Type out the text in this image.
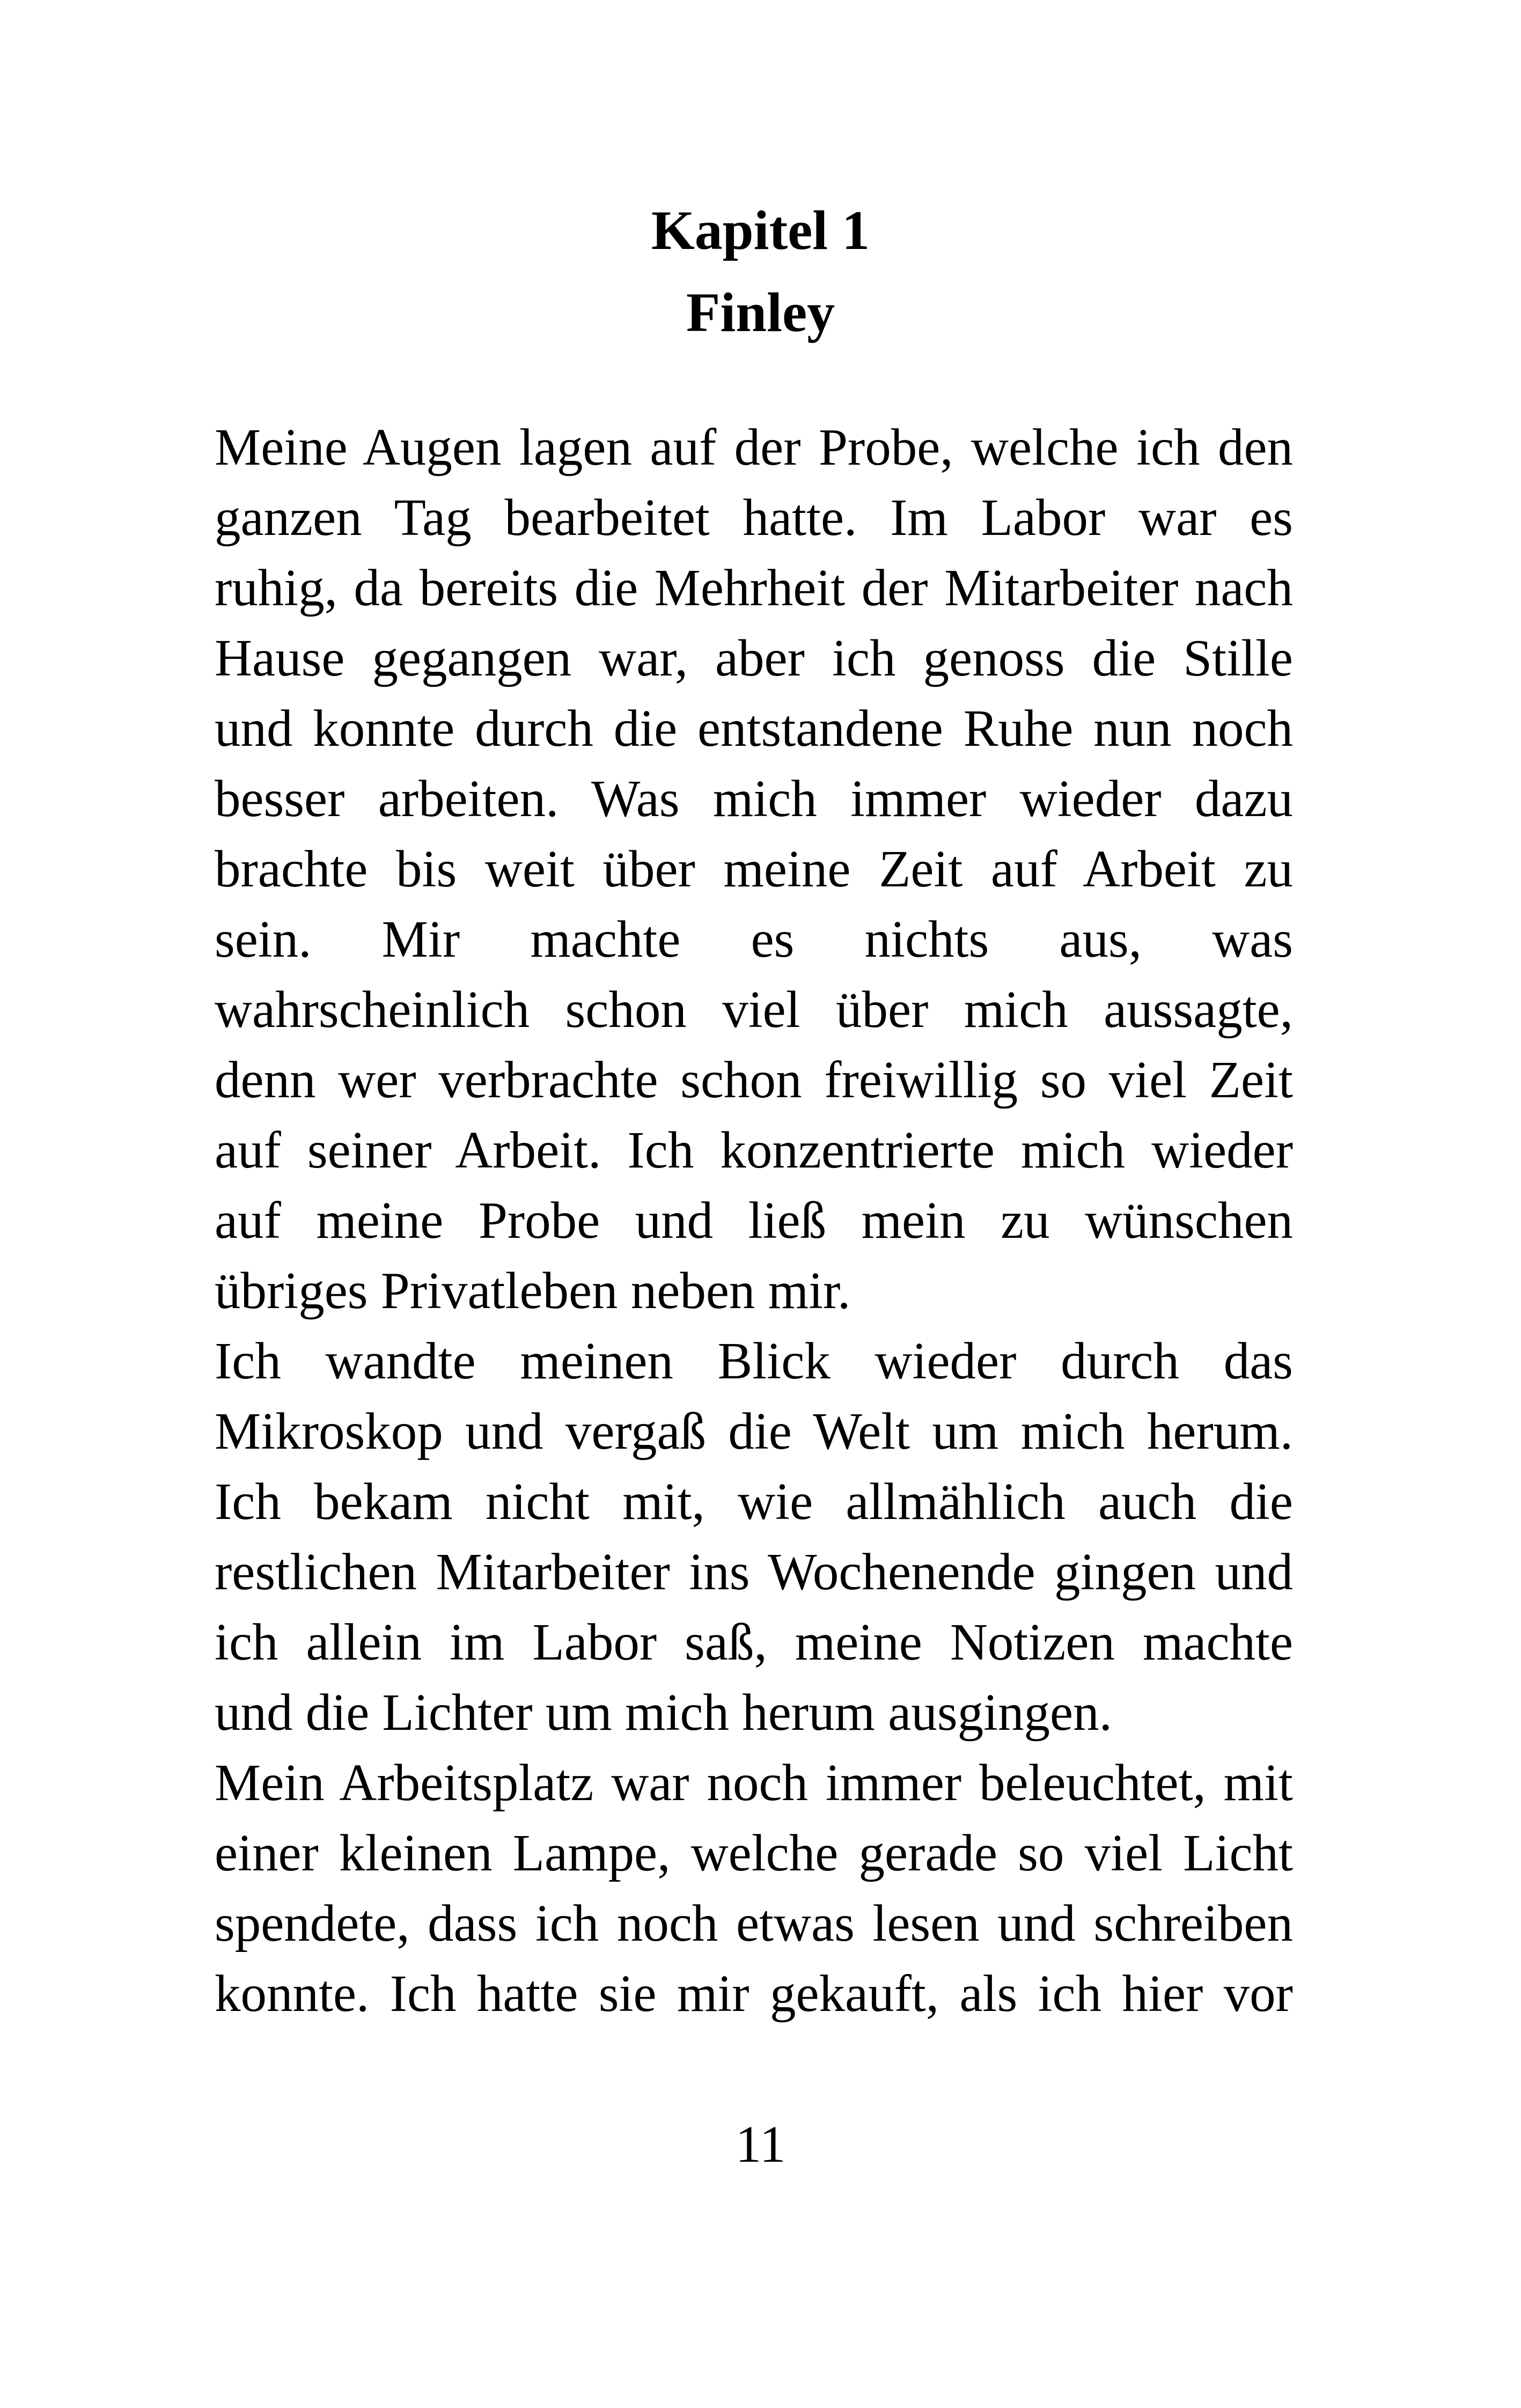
Kapitel 1
Finley
Meine Augen lagen auf der Probe, welche ich den
ganzen Tag bearbeitet hatte. Im Labor war es
ruhig, da bereits die Mehrheit der Mitarbeiter nach
Hause gegangen war, aber ich genoss die Stille
und konnte durch die entstandene Ruhe nun noch
besser arbeiten. Was mich immer wieder dazu
brachte bis weit über meine Zeit auf Arbeit zu
sein. Mir machte es nichts aus, was
wahrscheinlich schon viel über mich aussagte,
denn wer verbrachte schon freiwillig so viel Zeit
auf seiner Arbeit. Ich konzentrierte mich wieder
auf meine Probe und ließ mein zu wünschen
übriges Privatleben neben mir.
Ich wandte meinen Blick wieder durch das
Mikroskop und vergaß die Welt um mich herum.
Ich bekam nicht mit, wie allmählich auch die
restlichen Mitarbeiter ins Wochenende gingen und
ich allein im Labor saß, meine Notizen machte
und die Lichter um mich herum ausgingen.
Mein Arbeitsplatz war noch immer beleuchtet, mit
einer kleinen Lampe, welche gerade so viel Licht
spendete, dass ich noch etwas lesen und schreiben
konnte. Ich hatte sie mir gekauft, als ich hier vor
11
